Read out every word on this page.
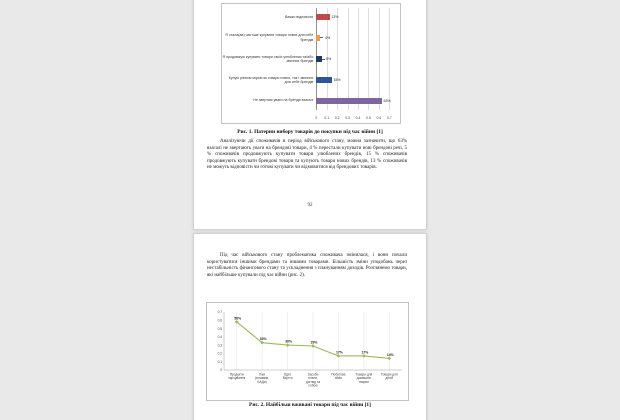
Важко відповісти	13%
Я стала(ав) частіше купувати товари нових для себе брендів	4%
Я продовжую купувати товари своїх улюблених та/або звичних брендів	5%
Купую рівною мірою як товари нових, так і звичних для себе брендів	15%
Не звертаю уваги на бренди взагалі	63%
0 0.1 0.2 0.3 0.4 0.5 0.6 0.7
Рис. 1. Патерни вибору товарів до покупки під час війни [1]

Аналізуючи дії споживачів в період військового стану, можна зазначити, що 63% взагалі не звертають уваги на брендові товари, 4 % перестали купувати нові брендові речі, 5 % споживачів продовжують купувати товари улюблених брендів, 15 % споживачів продовжують купувати брендові товари та купують товари нових брендів, 13 % споживачів не можуть відповісти чи готові купувати чи відмовитися від брендових товарів.

92

Під час військового стану проблематика споживача змінилася, і вони почали користуватися іншими брендами та іншими товарами. Більшість зміни уподобань через нестабільність фінансового стану та ускладнення з плануванням доходів. Розглянемо товари, які найбільше купували під час війни (рис. 2).

0
0.1
0.2
0.3
0.4
0.5
0.6
0.7
58%
33%
30%	29%
17%	17%
14%
Продукти
харчування
Ліки
(вітаміни,
БАДи)
Одяг,
Взуття
Засоби
гігієни,
догляд за
собою
Побутова
хімія
Товари для
домашніх
тварин
Товари для
дітей
Рис. 2. Найбільш вживані товари під час війни [1]
